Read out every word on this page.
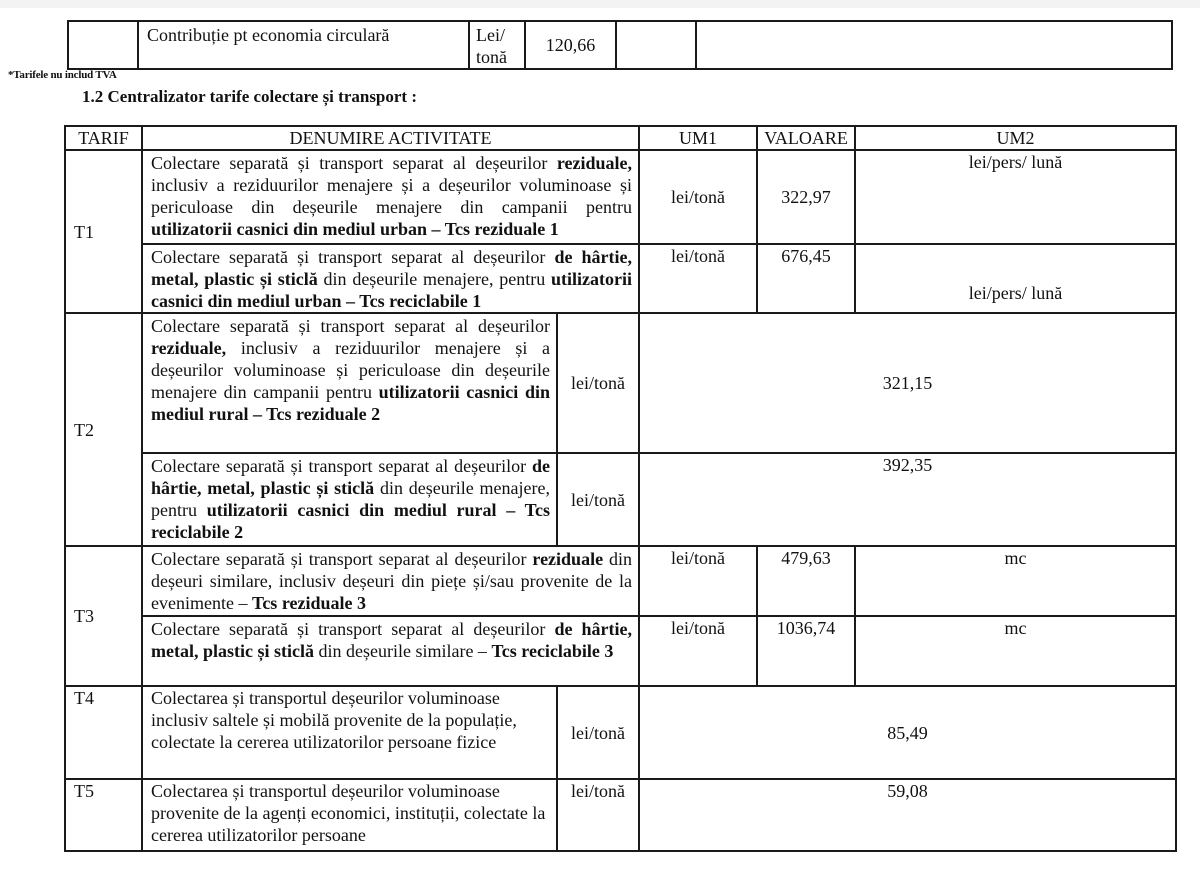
	Contribuție pt economia circulară	Lei/ tonă	120,66		
*Tarifele nu includ TVA
1.2 Centralizator tarife colectare și transport :
TARIF	DENUMIRE ACTIVITATE		UM1	VALOARE	UM2	
T1	Colectare separată și transport separat al deșeurilor reziduale, inclusiv a reziduurilor menajere și a deșeurilor voluminoase și periculoase din deșeurile menajere din campanii pentru utilizatorii casnici din mediul urban – Tcs reziduale 1		lei/tonă	322,97	lei/pers/ lună	
	Colectare separată și transport separat al deșeurilor de hârtie, metal, plastic și sticlă din deșeurile menajere, pentru utilizatorii casnici din mediul urban – Tcs reciclabile 1		lei/tonă	676,45	lei/pers/ lună	
T2	Colectare separată și transport separat al deșeurilor reziduale, inclusiv a reziduurilor menajere și a deșeurilor voluminoase și periculoase din deșeurile menajere din campanii pentru utilizatorii casnici din mediul rural – Tcs reziduale 2	lei/tonă	321,15			
	Colectare separată și transport separat al deșeurilor de hârtie, metal, plastic și sticlă din deșeurile menajere, pentru utilizatorii casnici din mediul rural – Tcs reciclabile 2	lei/tonă	392,35			
T3	Colectare separată și transport separat al deșeurilor reziduale din deșeuri similare, inclusiv deșeuri din piețe și/sau provenite de la evenimente – Tcs reziduale 3		lei/tonă	479,63	mc	
	Colectare separată și transport separat al deșeurilor de hârtie, metal, plastic și sticlă din deșeurile similare – Tcs reciclabile 3		lei/tonă	1036,74	mc	
T4	Colectarea și transportul deșeurilor voluminoase inclusiv saltele și mobilă provenite de la populație, colectate la cererea utilizatorilor persoane fizice	lei/tonă	85,49			
T5	Colectarea și transportul deșeurilor voluminoase provenite de la agenți economici, instituții, colectate la cererea utilizatorilor persoane	lei/tonă	59,08			
